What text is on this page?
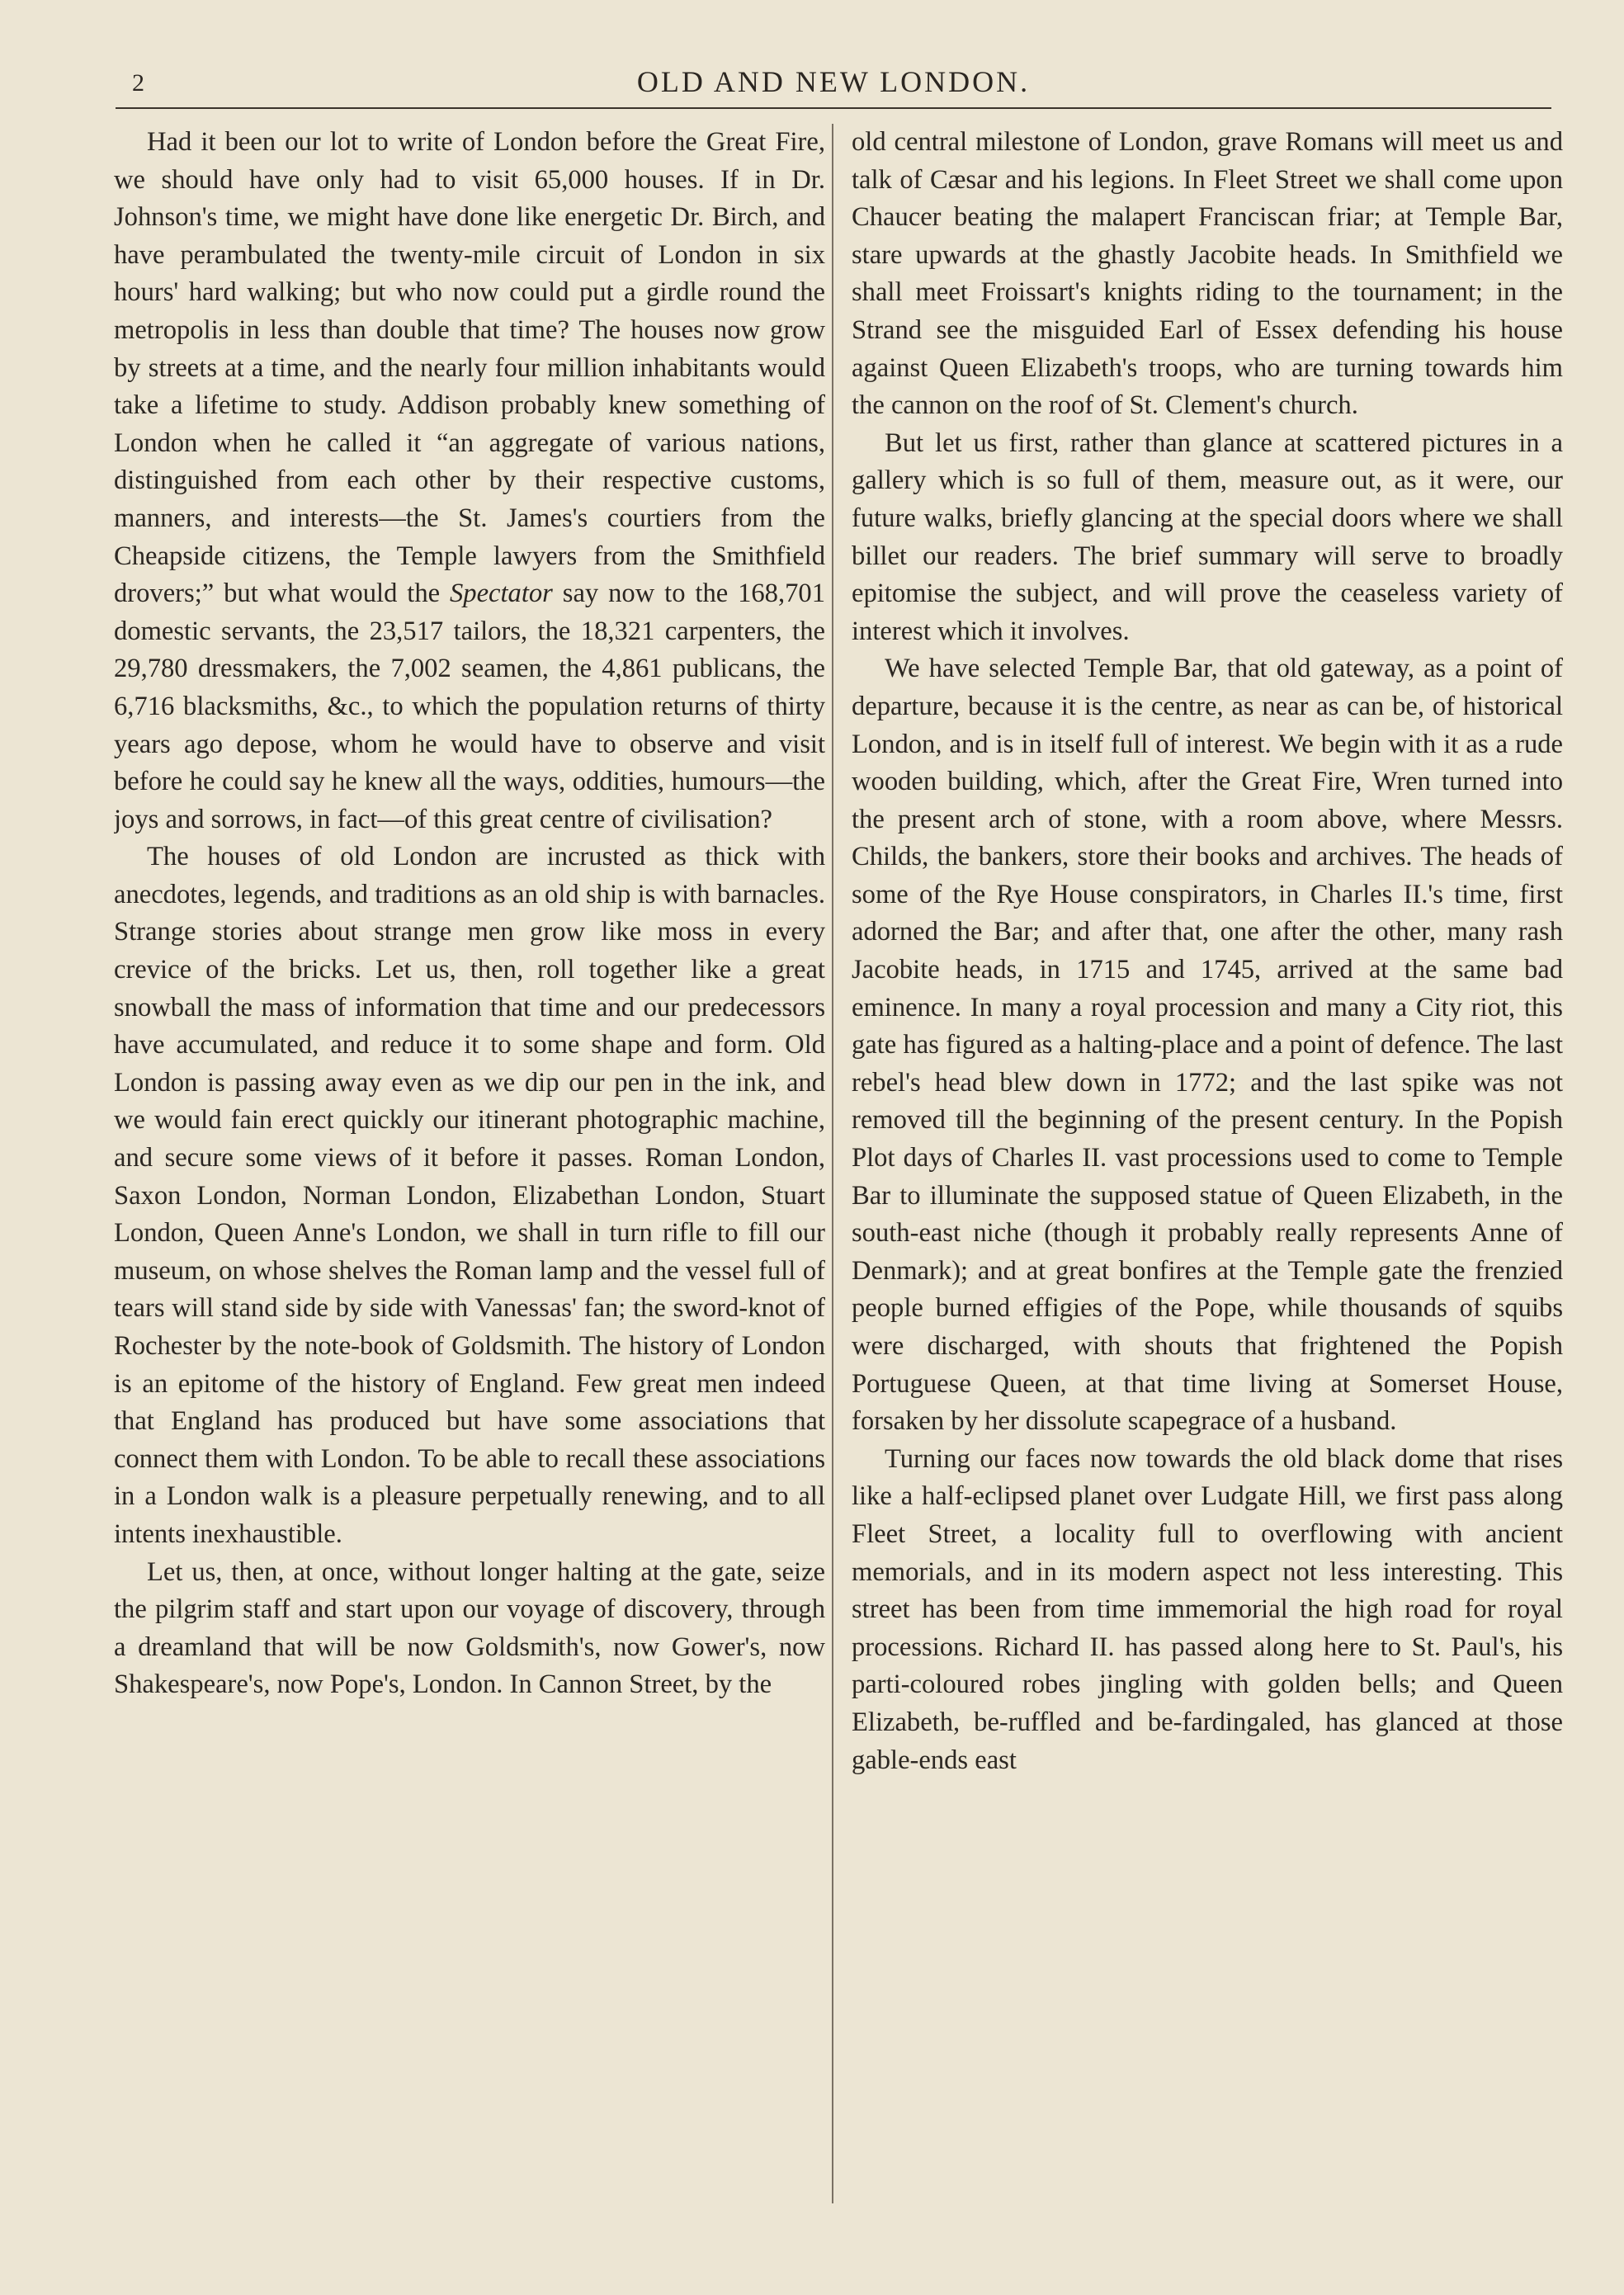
2	OLD AND NEW LONDON.

Had it been our lot to write of London before the Great Fire, we should have only had to visit 65,000 houses. If in Dr. Johnson's time, we might have done like energetic Dr. Birch, and have perambulated the twenty-mile circuit of London in six hours' hard walking; but who now could put a girdle round the metropolis in less than double that time? The houses now grow by streets at a time, and the nearly four million inhabitants would take a lifetime to study. Addison probably knew something of London when he called it “an aggregate of various nations, distinguished from each other by their respective customs, manners, and interests—the St. James's courtiers from the Cheapside citizens, the Temple lawyers from the Smithfield drovers;” but what would the Spectator say now to the 168,701 domestic servants, the 23,517 tailors, the 18,321 carpenters, the 29,780 dressmakers, the 7,002 seamen, the 4,861 publicans, the 6,716 blacksmiths, &c., to which the population returns of thirty years ago depose, whom he would have to observe and visit before he could say he knew all the ways, oddities, humours—the joys and sorrows, in fact—of this great centre of civilisation?

The houses of old London are incrusted as thick with anecdotes, legends, and traditions as an old ship is with barnacles. Strange stories about strange men grow like moss in every crevice of the bricks. Let us, then, roll together like a great snowball the mass of information that time and our predecessors have accumulated, and reduce it to some shape and form. Old London is passing away even as we dip our pen in the ink, and we would fain erect quickly our itinerant photographic machine, and secure some views of it before it passes. Roman London, Saxon London, Norman London, Elizabethan London, Stuart London, Queen Anne's London, we shall in turn rifle to fill our museum, on whose shelves the Roman lamp and the vessel full of tears will stand side by side with Vanessas' fan; the sword-knot of Rochester by the note-book of Goldsmith. The history of London is an epitome of the history of England. Few great men indeed that England has produced but have some associations that connect them with London. To be able to recall these associations in a London walk is a pleasure perpetually renewing, and to all intents inexhaustible.

Let us, then, at once, without longer halting at the gate, seize the pilgrim staff and start upon our voyage of discovery, through a dreamland that will be now Goldsmith's, now Gower's, now Shakespeare's, now Pope's, London. In Cannon Street, by the

old central milestone of London, grave Romans will meet us and talk of Cæsar and his legions. In Fleet Street we shall come upon Chaucer beating the malapert Franciscan friar; at Temple Bar, stare upwards at the ghastly Jacobite heads. In Smithfield we shall meet Froissart's knights riding to the tournament; in the Strand see the misguided Earl of Essex defending his house against Queen Elizabeth's troops, who are turning towards him the cannon on the roof of St. Clement's church.

But let us first, rather than glance at scattered pictures in a gallery which is so full of them, measure out, as it were, our future walks, briefly glancing at the special doors where we shall billet our readers. The brief summary will serve to broadly epitomise the subject, and will prove the ceaseless variety of interest which it involves.

We have selected Temple Bar, that old gateway, as a point of departure, because it is the centre, as near as can be, of historical London, and is in itself full of interest. We begin with it as a rude wooden building, which, after the Great Fire, Wren turned into the present arch of stone, with a room above, where Messrs. Childs, the bankers, store their books and archives. The heads of some of the Rye House conspirators, in Charles II.'s time, first adorned the Bar; and after that, one after the other, many rash Jacobite heads, in 1715 and 1745, arrived at the same bad eminence. In many a royal procession and many a City riot, this gate has figured as a halting-place and a point of defence. The last rebel's head blew down in 1772; and the last spike was not removed till the beginning of the present century. In the Popish Plot days of Charles II. vast processions used to come to Temple Bar to illuminate the supposed statue of Queen Elizabeth, in the south-east niche (though it probably really represents Anne of Denmark); and at great bonfires at the Temple gate the frenzied people burned effigies of the Pope, while thousands of squibs were discharged, with shouts that frightened the Popish Portuguese Queen, at that time living at Somerset House, forsaken by her dissolute scapegrace of a husband.

Turning our faces now towards the old black dome that rises like a half-eclipsed planet over Ludgate Hill, we first pass along Fleet Street, a locality full to overflowing with ancient memorials, and in its modern aspect not less interesting. This street has been from time immemorial the high road for royal processions. Richard II. has passed along here to St. Paul's, his parti-coloured robes jingling with golden bells; and Queen Elizabeth, be-ruffled and be-fardingaled, has glanced at those gable-ends east
